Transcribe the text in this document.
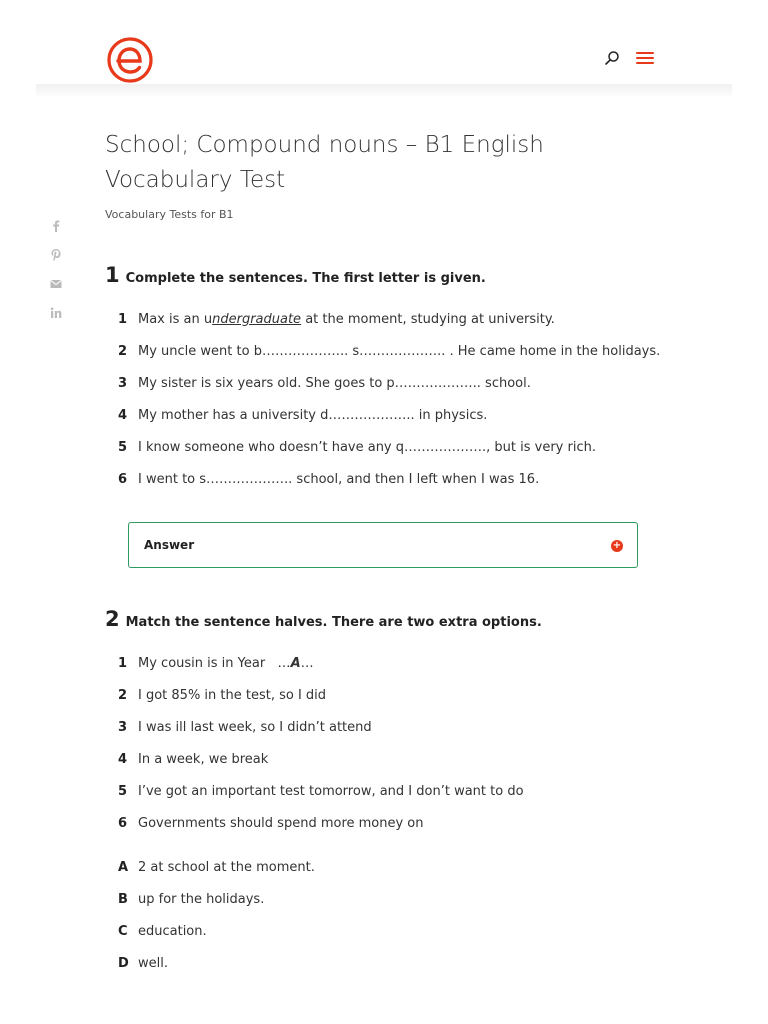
School; Compound nouns – B1 English Vocabulary Test
Vocabulary Tests for B1
1 Complete the sentences. The first letter is given.
1 Max is an undergraduate at the moment, studying at university.
2 My uncle went to b……………….. s……………….. . He came home in the holidays.
3 My sister is six years old. She goes to p……………….. school.
4 My mother has a university d……………….. in physics.
5 I know someone who doesn’t have any q………………., but is very rich.
6 I went to s……………….. school, and then I left when I was 16.
Answer	+
2 Match the sentence halves. There are two extra options.
1 My cousin is in Year   …A…
2 I got 85% in the test, so I did
3 I was ill last week, so I didn’t attend
4 In a week, we break
5 I’ve got an important test tomorrow, and I don’t want to do
6 Governments should spend more money on
A 2 at school at the moment.
B up for the holidays.
C education.
D well.
